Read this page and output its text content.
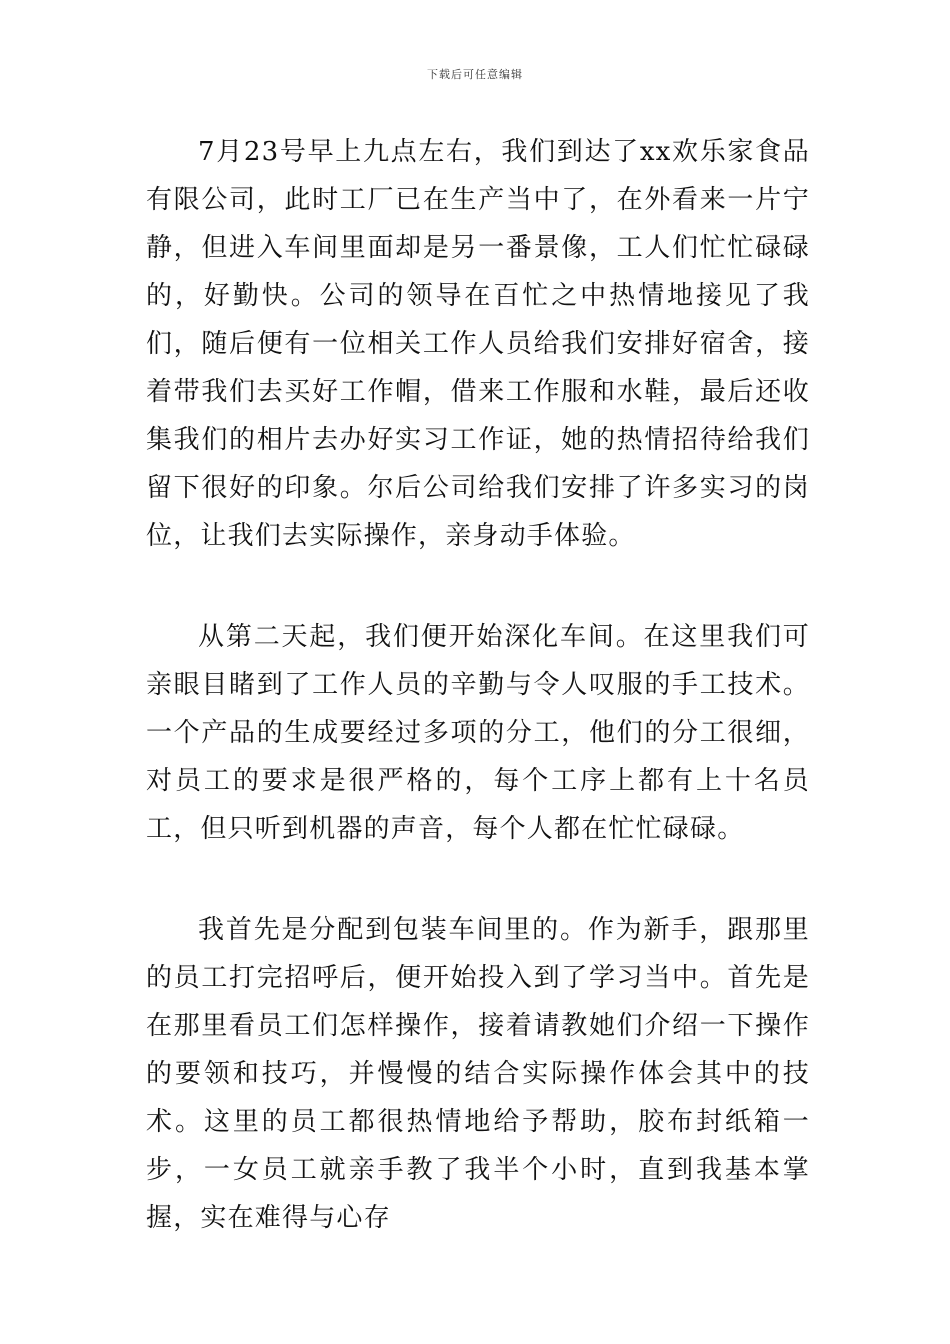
下载后可任意编辑

7月23号早上九点左右，我们到达了xx欢乐家食品有限公司，此时工厂已在生产当中了，在外看来一片宁静，但进入车间里面却是另一番景像，工人们忙忙碌碌的，好勤快。公司的领导在百忙之中热情地接见了我们，随后便有一位相关工作人员给我们安排好宿舍，接着带我们去买好工作帽，借来工作服和水鞋，最后还收集我们的相片去办好实习工作证，她的热情招待给我们留下很好的印象。尔后公司给我们安排了许多实习的岗位，让我们去实际操作，亲身动手体验。

从第二天起，我们便开始深化车间。在这里我们可亲眼目睹到了工作人员的辛勤与令人叹服的手工技术。一个产品的生成要经过多项的分工，他们的分工很细，对员工的要求是很严格的，每个工序上都有上十名员工，但只听到机器的声音，每个人都在忙忙碌碌。

我首先是分配到包装车间里的。作为新手，跟那里的员工打完招呼后，便开始投入到了学习当中。首先是在那里看员工们怎样操作，接着请教她们介绍一下操作的要领和技巧，并慢慢的结合实际操作体会其中的技术。这里的员工都很热情地给予帮助，胶布封纸箱一步，一女员工就亲手教了我半个小时，直到我基本掌握，实在难得与心存
